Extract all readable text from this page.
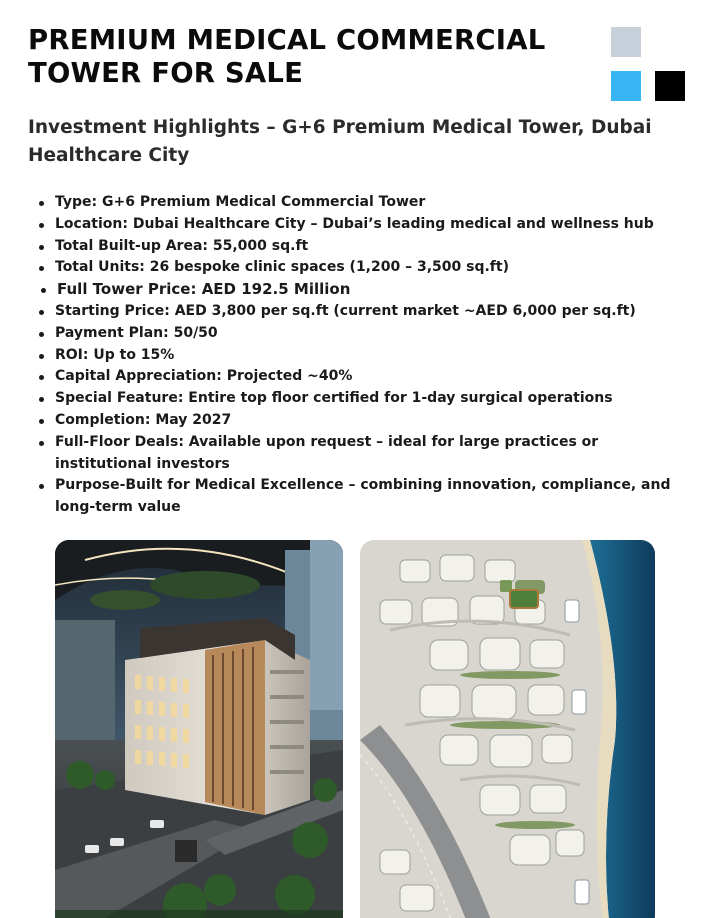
PREMIUM MEDICAL COMMERCIAL
TOWER FOR SALE
Investment Highlights – G+6 Premium Medical Tower, Dubai
Healthcare City
Type: G+6 Premium Medical Commercial Tower
Location: Dubai Healthcare City – Dubai’s leading medical and wellness hub
Total Built-up Area: 55,000 sq.ft
Total Units: 26 bespoke clinic spaces (1,200 – 3,500 sq.ft)
Full Tower Price: AED 192.5 Million
Starting Price: AED 3,800 per sq.ft (current market ~AED 6,000 per sq.ft)
Payment Plan: 50/50
ROI: Up to 15%
Capital Appreciation: Projected ~40%
Special Feature: Entire top floor certified for 1-day surgical operations
Completion: May 2027
Full-Floor Deals: Available upon request – ideal for large practices or
institutional investors
Purpose-Built for Medical Excellence – combining innovation, compliance, and
long-term value
